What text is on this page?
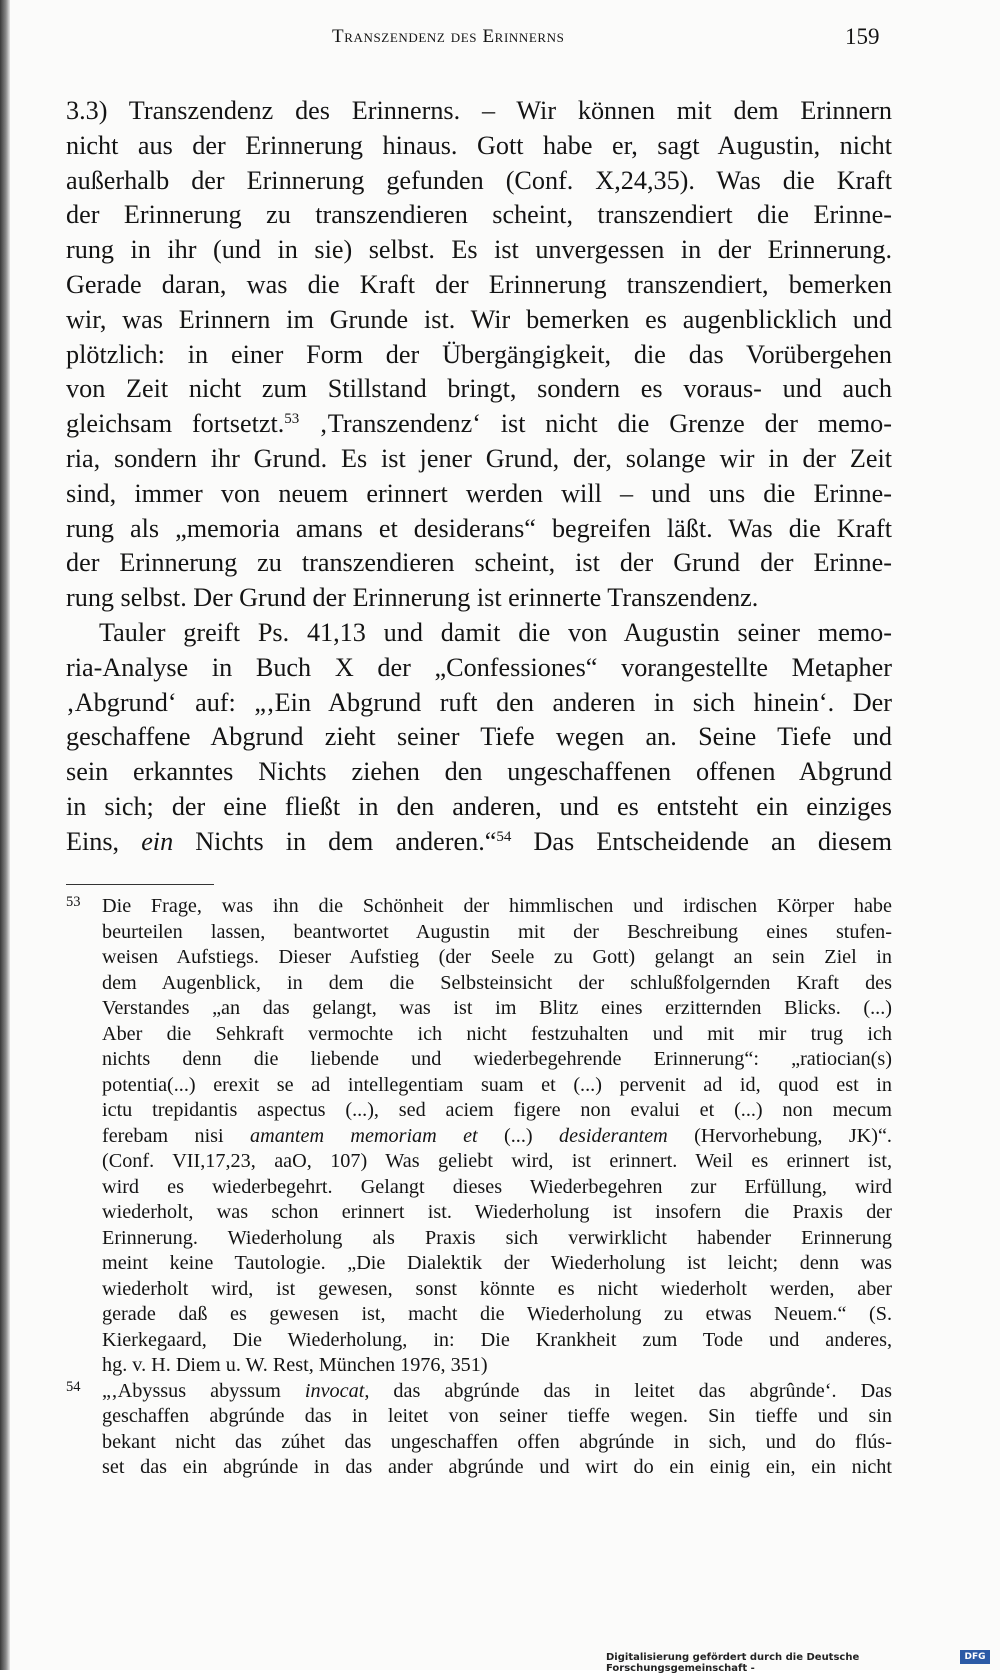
Transzendenz des Erinnerns	159
3.3) Transzendenz des Erinnerns. – Wir können mit dem Erinnern
nicht aus der Erinnerung hinaus. Gott habe er, sagt Augustin, nicht
außerhalb der Erinnerung gefunden (Conf. X,24,35). Was die Kraft
der Erinnerung zu transzendieren scheint, transzendiert die Erinne-
rung in ihr (und in sie) selbst. Es ist unvergessen in der Erinnerung.
Gerade daran, was die Kraft der Erinnerung transzendiert, bemerken
wir, was Erinnern im Grunde ist. Wir bemerken es augenblicklich und
plötzlich: in einer Form der Übergängigkeit, die das Vorübergehen
von Zeit nicht zum Stillstand bringt, sondern es voraus- und auch
gleichsam fortsetzt.$^{53}$ ‚Transzendenz‘ ist nicht die Grenze der memo-
ria, sondern ihr Grund. Es ist jener Grund, der, solange wir in der Zeit
sind, immer von neuem erinnert werden will – und uns die Erinne-
rung als „memoria amans et desiderans“ begreifen läßt. Was die Kraft
der Erinnerung zu transzendieren scheint, ist der Grund der Erinne-
rung selbst. Der Grund der Erinnerung ist erinnerte Transzendenz.
Tauler greift Ps. 41,13 und damit die von Augustin seiner memo-
ria-Analyse in Buch X der „Confessiones“ vorangestellte Metapher
‚Abgrund‘ auf: „‚Ein Abgrund ruft den anderen in sich hinein‘. Der
geschaffene Abgrund zieht seiner Tiefe wegen an. Seine Tiefe und
sein erkanntes Nichts ziehen den ungeschaffenen offenen Abgrund
in sich; der eine fließt in den anderen, und es entsteht ein einziges
Eins, ein Nichts in dem anderen.“$^{54}$ Das Entscheidende an diesem
53 Die Frage, was ihn die Schönheit der himmlischen und irdischen Körper habe
beurteilen lassen, beantwortet Augustin mit der Beschreibung eines stufen-
weisen Aufstiegs. Dieser Aufstieg (der Seele zu Gott) gelangt an sein Ziel in
dem Augenblick, in dem die Selbsteinsicht der schlußfolgernden Kraft des
Verstandes „an das gelangt, was ist im Blitz eines erzitternden Blicks. (...)
Aber die Sehkraft vermochte ich nicht festzuhalten und mit mir trug ich
nichts denn die liebende und wiederbegehrende Erinnerung“: „ratiocian(s)
potentia(...) erexit se ad intellegentiam suam et (...) pervenit ad id, quod est in
ictu trepidantis aspectus (...), sed aciem figere non evalui et (...) non mecum
ferebam nisi amantem memoriam et (...) desiderantem (Hervorhebung, JK)“.
(Conf. VII,17,23, aaO, 107) Was geliebt wird, ist erinnert. Weil es erinnert ist,
wird es wiederbegehrt. Gelangt dieses Wiederbegehren zur Erfüllung, wird
wiederholt, was schon erinnert ist. Wiederholung ist insofern die Praxis der
Erinnerung. Wiederholung als Praxis sich verwirklicht habender Erinnerung
meint keine Tautologie. „Die Dialektik der Wiederholung ist leicht; denn was
wiederholt wird, ist gewesen, sonst könnte es nicht wiederholt werden, aber
gerade daß es gewesen ist, macht die Wiederholung zu etwas Neuem.“ (S.
Kierkegaard, Die Wiederholung, in: Die Krankheit zum Tode und anderes,
hg. v. H. Diem u. W. Rest, München 1976, 351)
54 „‚Abyssus abyssum invocat, das abgrúnde das in leitet das abgrûnde‘. Das
geschaffen abgrúnde das in leitet von seiner tieffe wegen. Sin tieffe und sin
bekant nicht das zúhet das ungeschaffen offen abgrúnde in sich, und do flús-
set das ein abgrúnde in das ander abgrúnde und wirt do ein einig ein, ein nicht
Digitalisierung gefördert durch die Deutsche Forschungsgemeinschaft -
DFG
